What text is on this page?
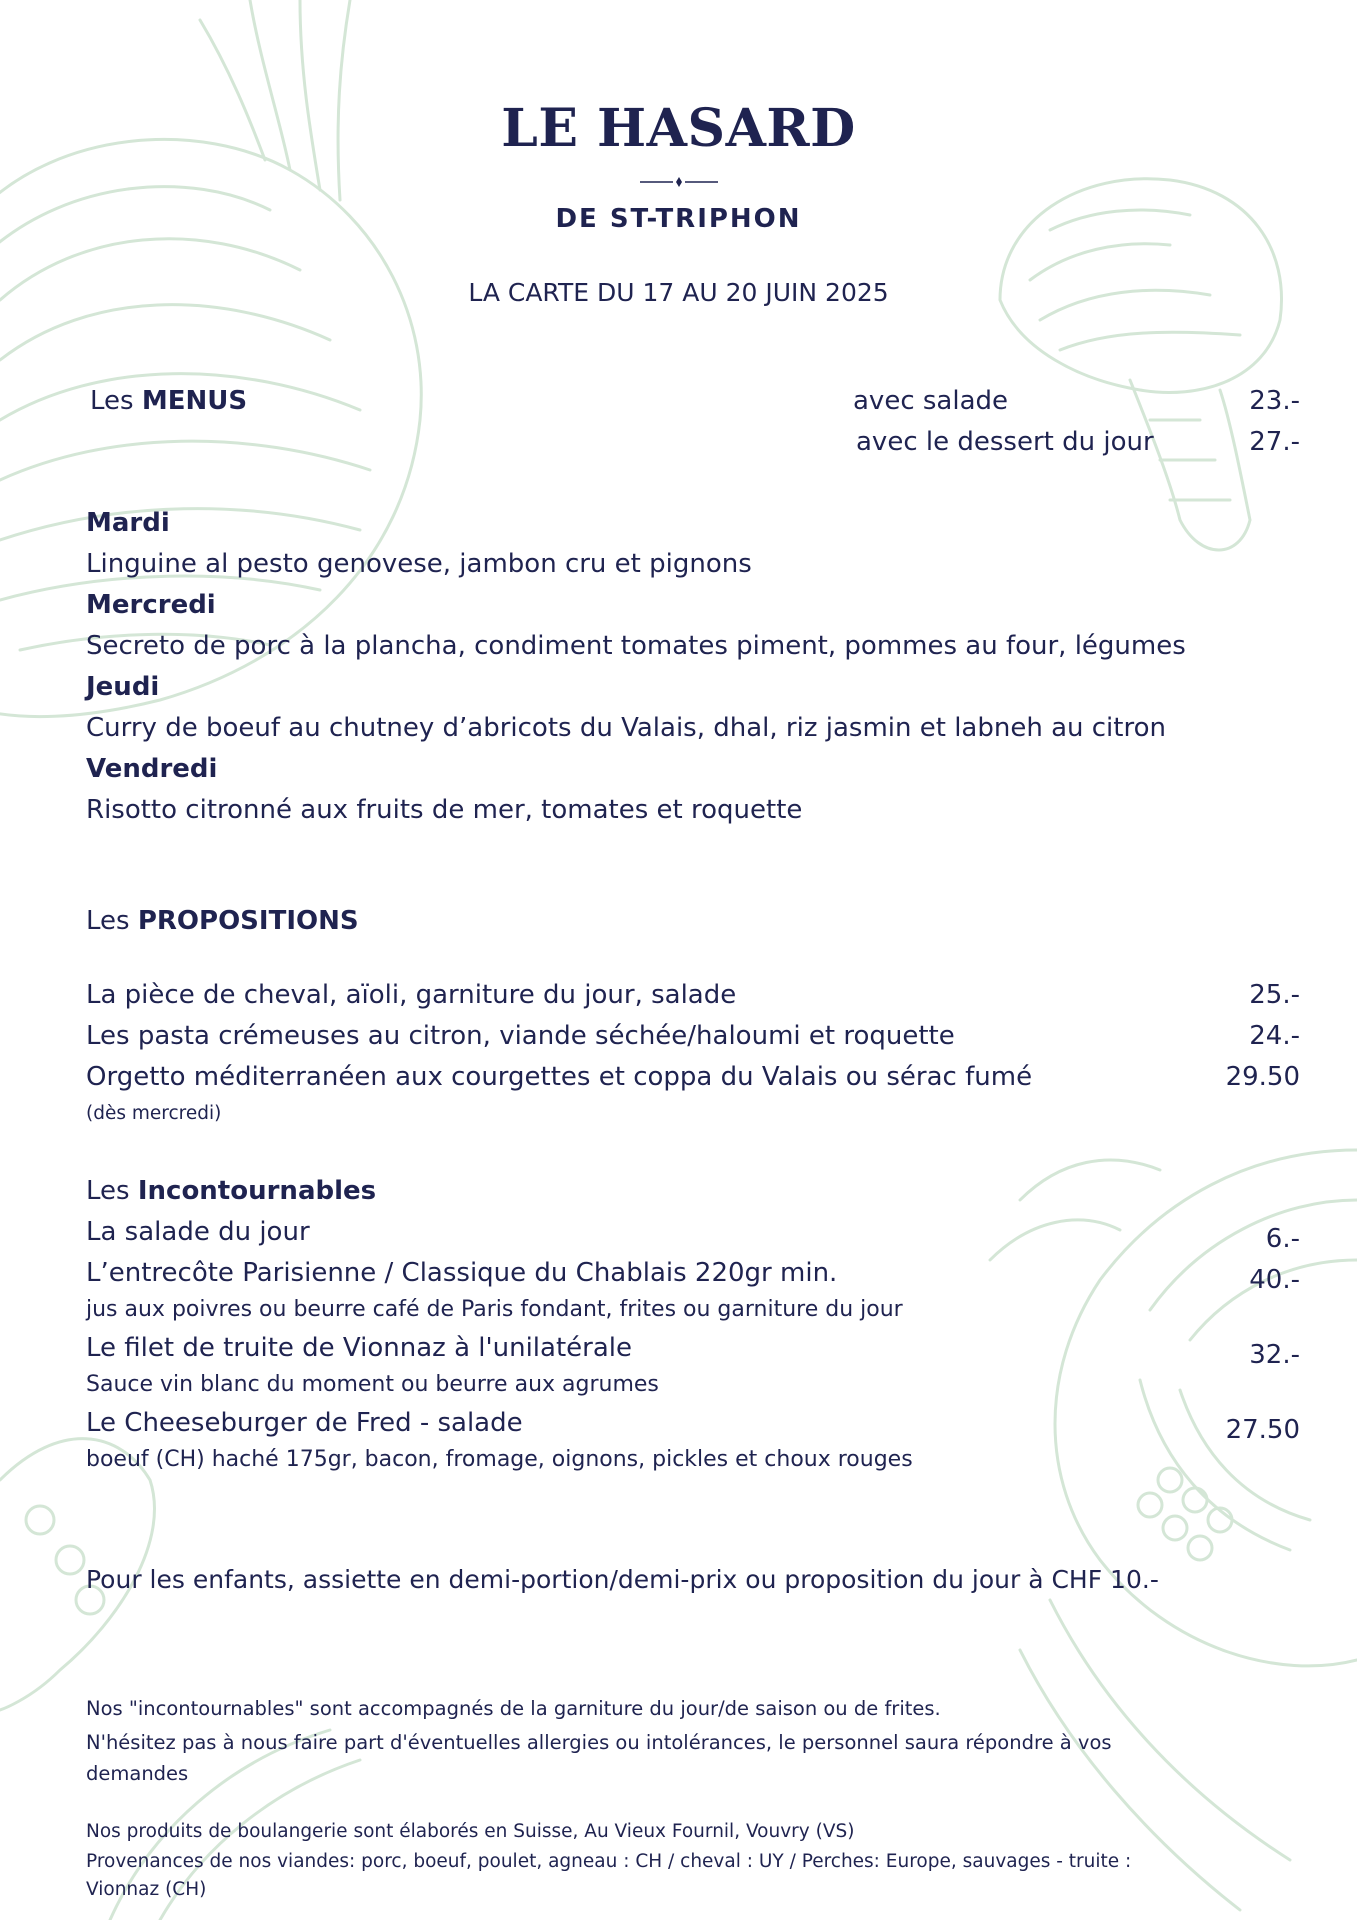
LE HASARD
DE ST-TRIPHON
LA CARTE DU 17 AU 20 JUIN 2025
Les MENUS	avec salade	23.-
avec le dessert du jour	27.-
Mardi
Linguine al pesto genovese, jambon cru et pignons
Mercredi
Secreto de porc à la plancha, condiment tomates piment, pommes au four, légumes
Jeudi
Curry de boeuf au chutney d’abricots du Valais, dhal, riz jasmin et labneh au citron
Vendredi
Risotto citronné aux fruits de mer, tomates et roquette
Les PROPOSITIONS
La pièce de cheval, aïoli, garniture du jour, salade	25.-
Les pasta crémeuses au citron, viande séchée/haloumi et roquette	24.-
Orgetto méditerranéen aux courgettes et coppa du Valais ou sérac fumé	29.50
(dès mercredi)
Les Incontournables
La salade du jour	6.-
L’entrecôte Parisienne / Classique du Chablais 220gr min.	40.-
jus aux poivres ou beurre café de Paris fondant, frites ou garniture du jour
Le filet de truite de Vionnaz à l'unilatérale	32.-
Sauce vin blanc du moment ou beurre aux agrumes
Le Cheeseburger de Fred - salade	27.50
boeuf (CH) haché 175gr, bacon, fromage, oignons, pickles et choux rouges
Pour les enfants, assiette en demi-portion/demi-prix ou proposition du jour à CHF 10.-
Nos "incontournables" sont accompagnés de la garniture du jour/de saison ou de frites.
N'hésitez pas à nous faire part d'éventuelles allergies ou intolérances, le personnel saura répondre à vos demandes
Nos produits de boulangerie sont élaborés en Suisse, Au Vieux Fournil, Vouvry (VS)
Provenances de nos viandes: porc, boeuf, poulet, agneau : CH / cheval : UY / Perches: Europe, sauvages - truite : Vionnaz (CH)
